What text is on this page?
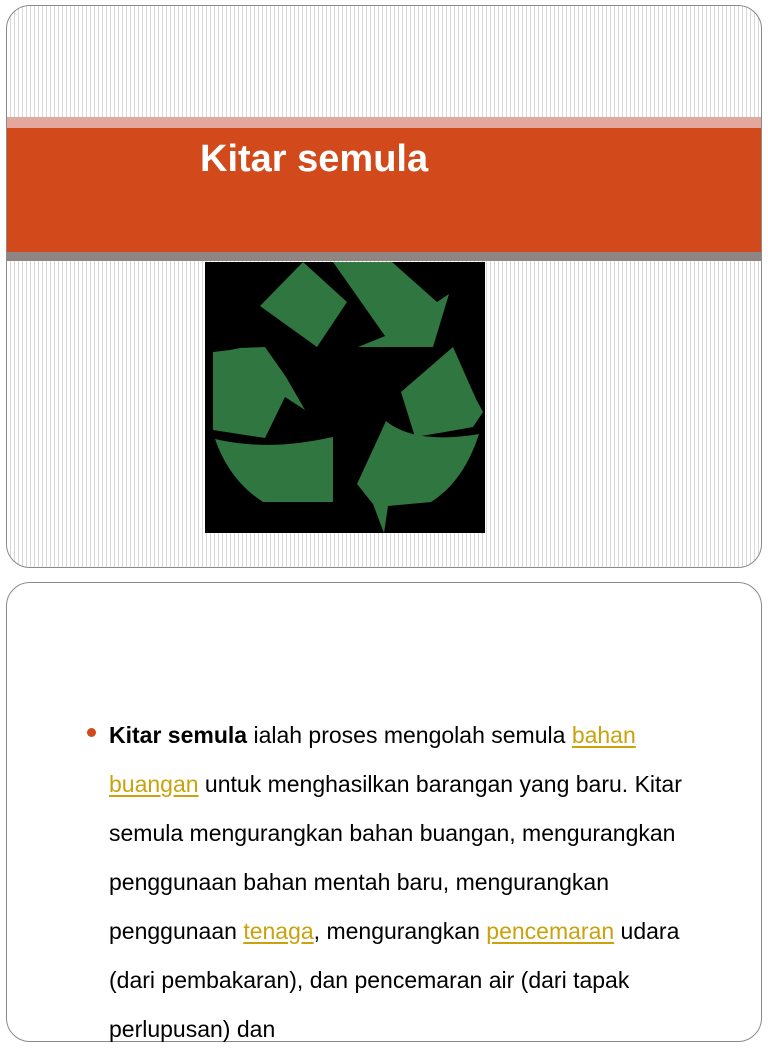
Kitar semula

Kitar semula ialah proses mengolah semula bahan buangan untuk menghasilkan barangan yang baru. Kitar semula mengurangkan bahan buangan, mengurangkan penggunaan bahan mentah baru, mengurangkan penggunaan tenaga, mengurangkan pencemaran udara (dari pembakaran), dan pencemaran air (dari tapak perlupusan) dan
